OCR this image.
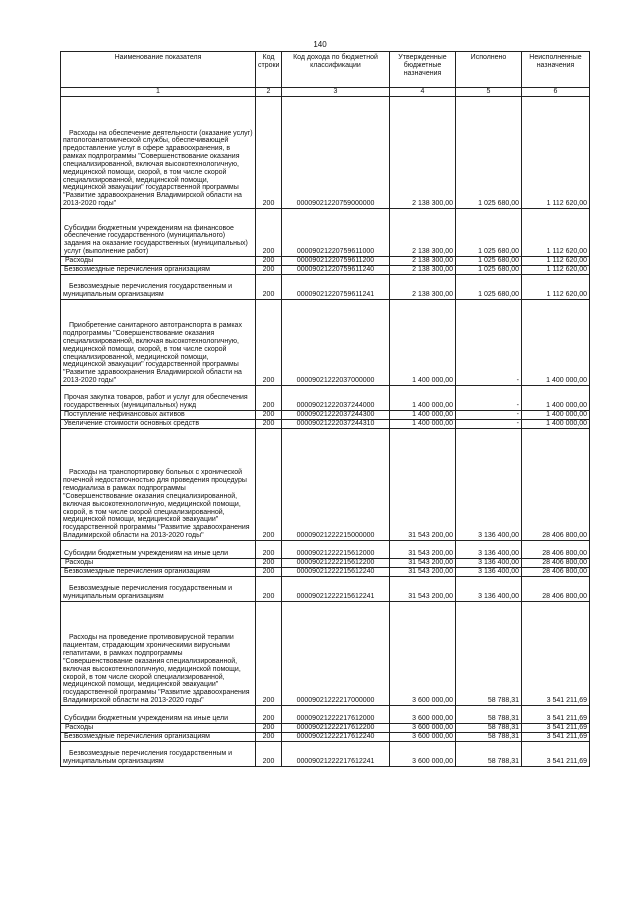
140
Наименование показателя	Код строки	Код дохода по бюджетной классификации	Утвержденные бюджетные назначения	Исполнено	Неисполненные назначения
1	2	3	4	5	6
Расходы на обеспечение деятельности (оказание услуг) патологоанатомической службы, обеспечивающей предоставление услуг в сфере здравоохранения, в рамках подпрограммы "Совершенствование оказания специализированной, включая высокотехнологичную, медицинской помощи, скорой, в том числе скорой специализированной, медицинской помощи, медицинской эвакуации" государственной программы "Развитие здравоохранения Владимирской области на 2013-2020 годы"	200	00009021220759000000	2 138 300,00	1 025 680,00	1 112 620,00
Субсидии бюджетным учреждениям на финансовое обеспечение государственного (муниципального) задания на оказание государственных (муниципальных) услуг (выполнение работ)	200	00009021220759611000	2 138 300,00	1 025 680,00	1 112 620,00
Расходы	200	00009021220759611200	2 138 300,00	1 025 680,00	1 112 620,00
Безвозмездные перечисления организациям	200	00009021220759611240	2 138 300,00	1 025 680,00	1 112 620,00
Безвозмездные перечисления государственным и муниципальным организациям	200	00009021220759611241	2 138 300,00	1 025 680,00	1 112 620,00
Приобретение санитарного автотранспорта в рамках подпрограммы "Совершенствование оказания специализированной, включая высокотехнологичную, медицинской помощи, скорой, в том числе скорой специализированной, медицинской помощи, медицинской эвакуации" государственной программы "Развитие здравоохранения Владимирской области на 2013-2020 годы"	200	00009021222037000000	1 400 000,00	-	1 400 000,00
Прочая закупка товаров, работ и услуг для обеспечения государственных (муниципальных) нужд	200	00009021222037244000	1 400 000,00	-	1 400 000,00
Поступление нефинансовых активов	200	00009021222037244300	1 400 000,00	-	1 400 000,00
Увеличение стоимости основных средств	200	00009021222037244310	1 400 000,00	-	1 400 000,00
Расходы на транспортировку больных с хронической почечной недостаточностью для проведения процедуры гемодиализа в рамках подпрограммы "Совершенствование оказания специализированной, включая высокотехнологичную, медицинской помощи, скорой, в том числе скорой специализированной, медицинской помощи, медицинской эвакуации" государственной программы "Развитие здравоохранения Владимирской области на 2013-2020 годы"	200	00009021222215000000	31 543 200,00	3 136 400,00	28 406 800,00
Субсидии бюджетным учреждениям на иные цели	200	00009021222215612000	31 543 200,00	3 136 400,00	28 406 800,00
Расходы	200	00009021222215612200	31 543 200,00	3 136 400,00	28 406 800,00
Безвозмездные перечисления организациям	200	00009021222215612240	31 543 200,00	3 136 400,00	28 406 800,00
Безвозмездные перечисления государственным и муниципальным организациям	200	00009021222215612241	31 543 200,00	3 136 400,00	28 406 800,00
Расходы на проведение противовирусной терапии пациентам, страдающим хроническими вирусными гепатитами, в рамках подпрограммы "Совершенствование оказания специализированной, включая высокотехнологичную, медицинской помощи, скорой, в том числе скорой специализированной, медицинской помощи, медицинской эвакуации" государственной программы "Развитие здравоохранения Владимирской области на 2013-2020 годы"	200	00009021222217000000	3 600 000,00	58 788,31	3 541 211,69
Субсидии бюджетным учреждениям на иные цели	200	00009021222217612000	3 600 000,00	58 788,31	3 541 211,69
Расходы	200	00009021222217612200	3 600 000,00	58 788,31	3 541 211,69
Безвозмездные перечисления организациям	200	00009021222217612240	3 600 000,00	58 788,31	3 541 211,69
Безвозмездные перечисления государственным и муниципальным организациям	200	00009021222217612241	3 600 000,00	58 788,31	3 541 211,69
